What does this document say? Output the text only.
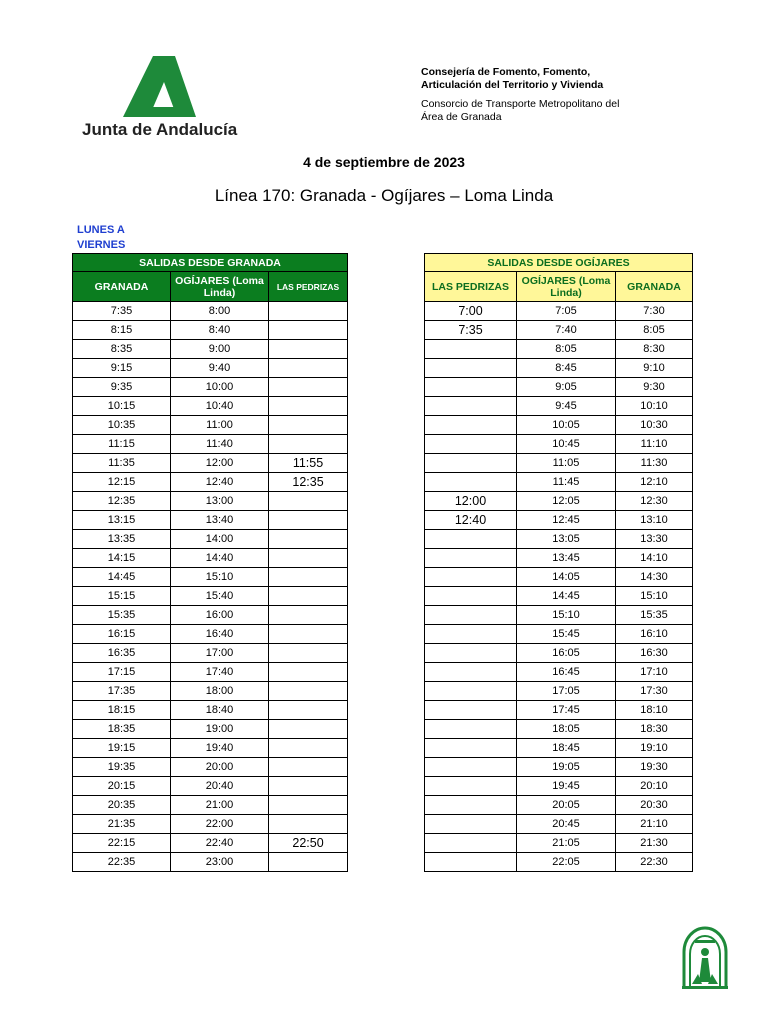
Junta de Andalucía
Consejería de Fomento, Fomento,
Articulación del Territorio y Vivienda
Consorcio de Transporte Metropolitano del
Área de Granada
4 de septiembre de 2023
Línea 170: Granada - Ogíjares – Loma Linda
LUNES A
VIERNES
SALIDAS DESDE GRANADA		
GRANADA	OGÍJARES (Loma Linda)	LAS PEDRIZAS
7:35	8:00	
8:15	8:40	
8:35	9:00	
9:15	9:40	
9:35	10:00	
10:15	10:40	
10:35	11:00	
11:15	11:40	
11:35	12:00	11:55
12:15	12:40	12:35
12:35	13:00	
13:15	13:40	
13:35	14:00	
14:15	14:40	
14:45	15:10	
15:15	15:40	
15:35	16:00	
16:15	16:40	
16:35	17:00	
17:15	17:40	
17:35	18:00	
18:15	18:40	
18:35	19:00	
19:15	19:40	
19:35	20:00	
20:15	20:40	
20:35	21:00	
21:35	22:00	
22:15	22:40	22:50
22:35	23:00	
SALIDAS DESDE OGÍJARES		
LAS PEDRIZAS	OGÍJARES (Loma Linda)	GRANADA
7:00	7:05	7:30
7:35	7:40	8:05
	8:05	8:30
	8:45	9:10
	9:05	9:30
	9:45	10:10
	10:05	10:30
	10:45	11:10
	11:05	11:30
	11:45	12:10
12:00	12:05	12:30
12:40	12:45	13:10
	13:05	13:30
	13:45	14:10
	14:05	14:30
	14:45	15:10
	15:10	15:35
	15:45	16:10
	16:05	16:30
	16:45	17:10
	17:05	17:30
	17:45	18:10
	18:05	18:30
	18:45	19:10
	19:05	19:30
	19:45	20:10
	20:05	20:30
	20:45	21:10
	21:05	21:30
	22:05	22:30
